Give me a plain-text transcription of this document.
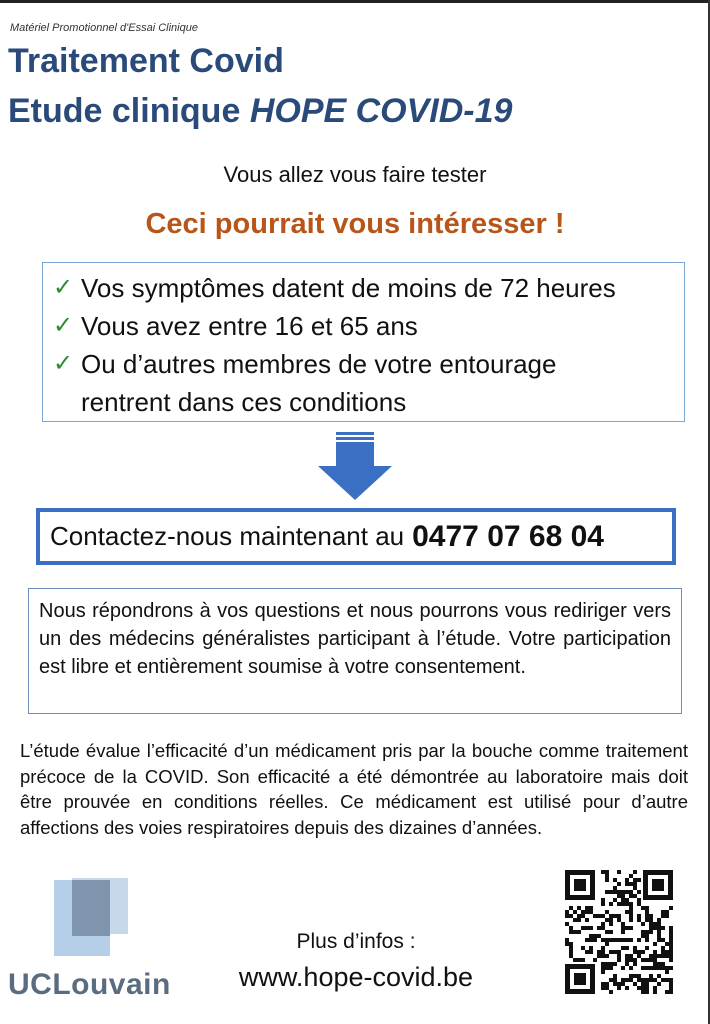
Matériel Promotionnel d'Essai Clinique
Traitement Covid
Etude clinique HOPE COVID-19
Vous allez vous faire tester
Ceci pourrait vous intéresser !
✓ Vos symptômes datent de moins de 72 heures
✓ Vous avez entre 16 et 65 ans
✓ Ou d’autres membres de votre entourage
rentrent dans ces conditions
Contactez-nous maintenant au 0477 07 68 04
Nous répondrons à vos questions et nous pourrons vous rediriger vers un des médecins généralistes participant à l’étude. Votre participation est libre et entièrement soumise à votre consentement.
L’étude évalue l’efficacité d’un médicament pris par la bouche comme traitement précoce de la COVID. Son efficacité a été démontrée au laboratoire mais doit être prouvée en conditions réelles. Ce médicament est utilisé pour d’autre affections des voies respiratoires depuis des dizaines d’années.
UCLouvain
Plus d’infos :
www.hope-covid.be
